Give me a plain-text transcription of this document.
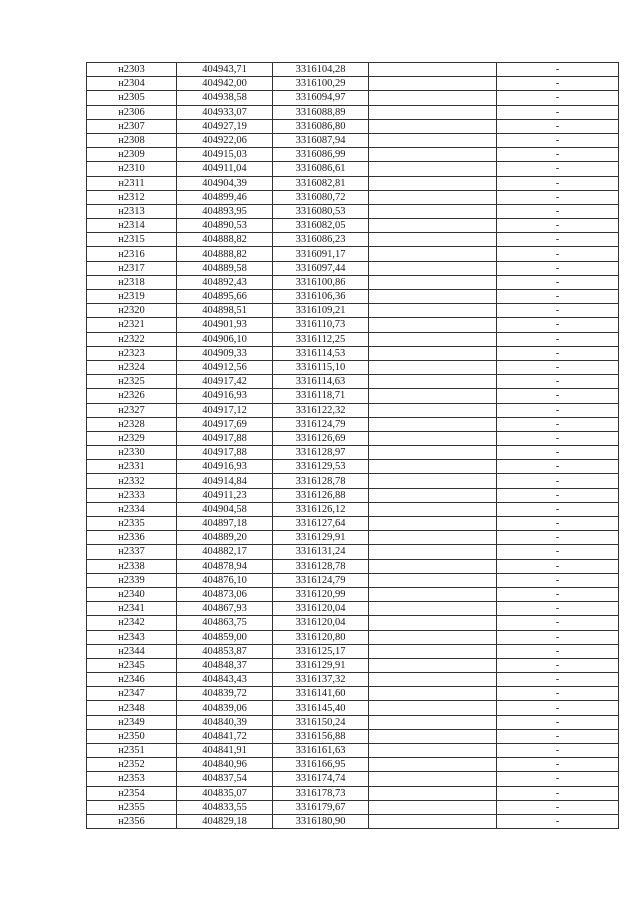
н2303	404943,71	3316104,28		-
н2304	404942,00	3316100,29		-
н2305	404938,58	3316094,97		-
н2306	404933,07	3316088,89		-
н2307	404927,19	3316086,80		-
н2308	404922,06	3316087,94		-
н2309	404915,03	3316086,99		-
н2310	404911,04	3316086,61		-
н2311	404904,39	3316082,81		-
н2312	404899,46	3316080,72		-
н2313	404893,95	3316080,53		-
н2314	404890,53	3316082,05		-
н2315	404888,82	3316086,23		-
н2316	404888,82	3316091,17		-
н2317	404889,58	3316097,44		-
н2318	404892,43	3316100,86		-
н2319	404895,66	3316106,36		-
н2320	404898,51	3316109,21		-
н2321	404901,93	3316110,73		-
н2322	404906,10	3316112,25		-
н2323	404909,33	3316114,53		-
н2324	404912,56	3316115,10		-
н2325	404917,42	3316114,63		-
н2326	404916,93	3316118,71		-
н2327	404917,12	3316122,32		-
н2328	404917,69	3316124,79		-
н2329	404917,88	3316126,69		-
н2330	404917,88	3316128,97		-
н2331	404916,93	3316129,53		-
н2332	404914,84	3316128,78		-
н2333	404911,23	3316126,88		-
н2334	404904,58	3316126,12		-
н2335	404897,18	3316127,64		-
н2336	404889,20	3316129,91		-
н2337	404882,17	3316131,24		-
н2338	404878,94	3316128,78		-
н2339	404876,10	3316124,79		-
н2340	404873,06	3316120,99		-
н2341	404867,93	3316120,04		-
н2342	404863,75	3316120,04		-
н2343	404859,00	3316120,80		-
н2344	404853,87	3316125,17		-
н2345	404848,37	3316129,91		-
н2346	404843,43	3316137,32		-
н2347	404839,72	3316141,60		-
н2348	404839,06	3316145,40		-
н2349	404840,39	3316150,24		-
н2350	404841,72	3316156,88		-
н2351	404841,91	3316161,63		-
н2352	404840,96	3316166,95		-
н2353	404837,54	3316174,74		-
н2354	404835,07	3316178,73		-
н2355	404833,55	3316179,67		-
н2356	404829,18	3316180,90		-
